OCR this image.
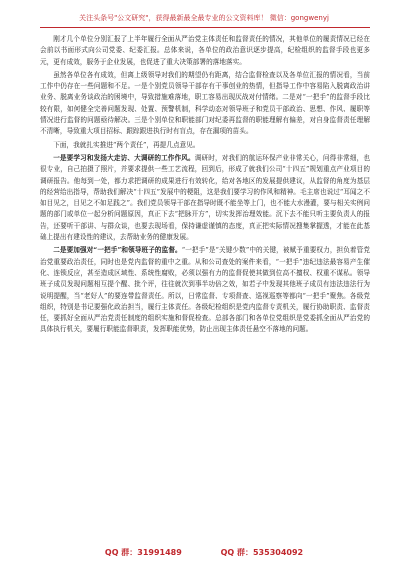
关注头条号"公文研究"，获得最新最全最专业的公文资料库！ 微信：gongwenyj

刚才几个单位分别汇报了上半年履行全面从严治党主体责任和监督责任的情况，其他单位的履责情况已经在会前以书面形式向公司党委、纪委汇报。总体来说，各单位的政治意识逐步提高，纪检组织的监督手段也更多元，更有成效，服务于企业发展，也促进了重大决策部署的落地落实。

虽然各单位各有成效，但离上级领导对我们的期望仍有距离，结合监督检查以及各单位汇报的情况看，当前工作中仍存在一些问题和不足。一是个别党员领导干部存有干事创业的热情，但指导工作中容易陷入脱离政治讲业务、脱离业务谈政治的困境中，导致措施难落地，职工容易出现厌战对付情绪。二是对“一把手”的监督手段比较有限，如何健全完善问题发现、处置、预警机制，科学动态对领导班子和党员干部政治、思想、作风、履职等情况进行监督的问题亟待解决。三是个别单位和职能部门对纪委再监督的职能理解有偏差，对自身监督责任理解不清晰，导致重大项目招标、跟踪跟进执行时有盲点，存在漏项的苗头。

下面，我就扎实推进“两个责任”，再提几点意见。

一是要学习和发扬大走访、大调研的工作作风。调研时，对我们的航运环保产业非常关心，问得非常细，也很专业，自己拍摄了照片，并要求提供一些工艺流程，回到后，形成了就我们公司“十四五”规划重点产业项目的调研报告。他每到一处，都力求把调研的成果进行有效转化，给对各地区的发展提供建议，从监督的角度为基层的经营给出指导，帮助我们解决“十四五”发展中的梗阻，这是我们要学习的作风和精神。毛主席也说过“耳闻之不如目见之，目见之不如足践之”。我们党员领导干部在指导时既不能坐等上门，也不能大水漫灌，要与相关实例问题的部门或单位一起分析问题原因，真正下去“把脉开方”，切实发挥治理效能。沉下去不能只听主要负责人的报告，还要听干部讲、与群众谈，也要去现场看，保持谦虚谨慎的态度，真正把实际情况搜集掌握透，才能在此基础上提出有建设性的建议，去帮助业务的健康发展。

二是要加强对“一把手”和领导班子的监督。“一把手”是“关键少数”中的关键，被赋予重要权力，担负着管党治党重要政治责任，同时也是党内监督的重中之重。从和公司查处的案件来看，“一把手”违纪违法最容易产生催化、连锁反应，甚至造成区域性、系统性腐败，必须以强有力的监督促使其做到位高不擅权、权重不谋私。领导班子成员发现问题相互提个醒、批个评，往往就次到事半功倍之效，如若子中发现其他班子成员有违法违法行为说明提醒，当“老好人”的要连带监督责任。所以，日常监督、专项督查、巡视巡察等都向“一把手”聚焦。各级党组织，特别是书记要强化政治担当，履行主体责任。各级纪检组织是党内监督专责机关，履行协助职责、监督责任，要抓好全面从严治党责任制度的组织实施和督促检查。总部各部门和各单位党组织是党委抓全面从严治党的具体执行机关，要履行职能监督职责，发挥职能优势，防止出现主体责任悬空不落地的问题。

QQ 群：31991489	QQ 群：535304092
